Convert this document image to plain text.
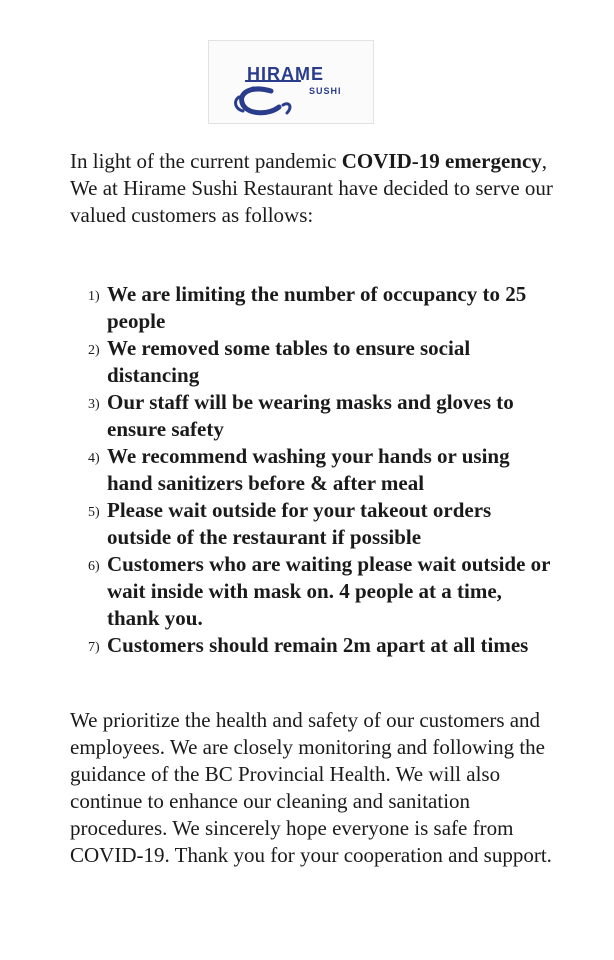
HIRAME
SUSHI
In light of the current pandemic COVID-19 emergency,
We at Hirame Sushi Restaurant have decided to serve our valued customers as follows:
1) We are limiting the number of occupancy to 25 people
2) We removed some tables to ensure social distancing
3) Our staff will be wearing masks and gloves to ensure safety
4) We recommend washing your hands or using hand sanitizers before & after meal
5) Please wait outside for your takeout orders outside of the restaurant if possible
6) Customers who are waiting please wait outside or wait inside with mask on. 4 people at a time, thank you.
7) Customers should remain 2m apart at all times
We prioritize the health and safety of our customers and employees. We are closely monitoring and following the guidance of the BC Provincial Health. We will also continue to enhance our cleaning and sanitation procedures. We sincerely hope everyone is safe from COVID-19. Thank you for your cooperation and support.
